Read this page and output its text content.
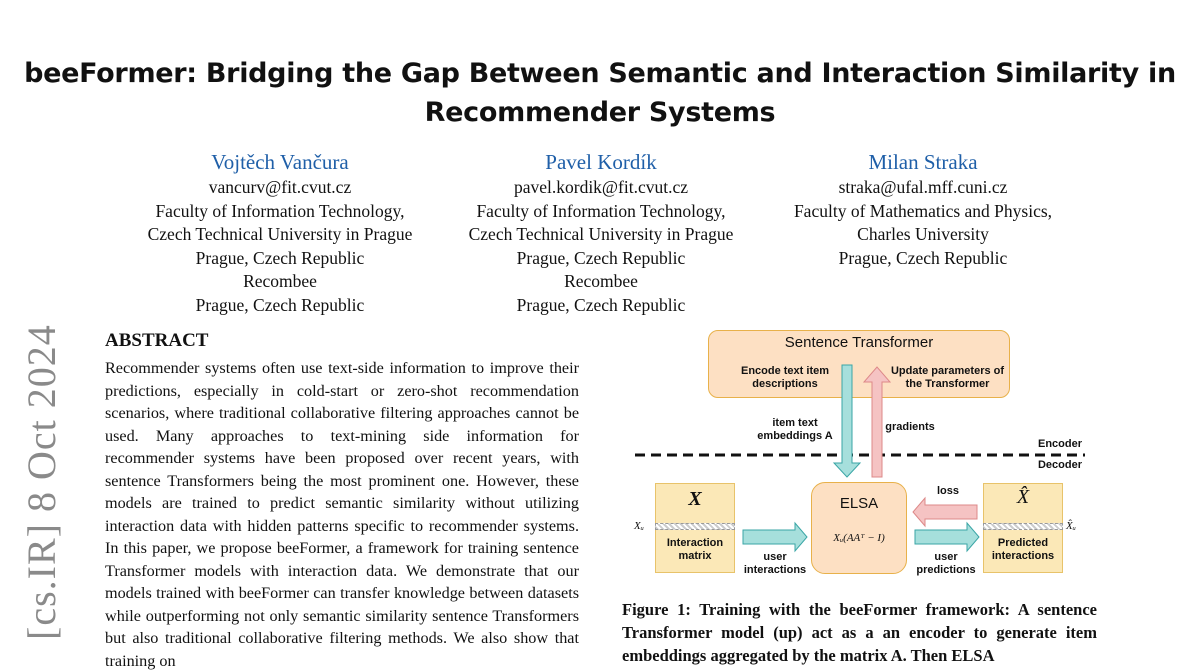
beeFormer: Bridging the Gap Between Semantic and Interaction Similarity in Recommender Systems
Vojtěch Vančura
vancurv@fit.cvut.cz
Faculty of Information Technology,
Czech Technical University in Prague
Prague, Czech Republic
Recombee
Prague, Czech Republic
Pavel Kordík
pavel.kordik@fit.cvut.cz
Faculty of Information Technology,
Czech Technical University in Prague
Prague, Czech Republic
Recombee
Prague, Czech Republic
Milan Straka
straka@ufal.mff.cuni.cz
Faculty of Mathematics and Physics,
Charles University
Prague, Czech Republic
[cs.IR] 8 Oct 2024 ABSTRACT
Recommender systems often use text-side information to improve their predictions, especially in cold-start or zero-shot recommendation scenarios, where traditional collaborative filtering approaches cannot be used. Many approaches to text-mining side information for recommender systems have been proposed over recent years, with sentence Transformers being the most prominent one. However, these models are trained to predict semantic similarity without utilizing interaction data with hidden patterns specific to recommender systems. In this paper, we propose beeFormer, a framework for training sentence Transformer models with interaction data. We demonstrate that our models trained with beeFormer can transfer knowledge between datasets while outperforming not only semantic similarity sentence Transformers but also traditional collaborative filtering methods. We also show that training on
Sentence Transformer
Encode text item descriptions
Update parameters of the Transformer
item text embeddings A
gradients
Encoder
Decoder
X
Xᵤ
Interaction matrix	user interactions
ELSA
Xᵤ(AAᵀ − I)
loss
user predictions
X̂
X̂ᵤ
Predicted interactions
Figure 1: Training with the beeFormer framework: A sentence Transformer model (up) act as a an encoder to generate item embeddings aggregated by the matrix A. Then ELSA
